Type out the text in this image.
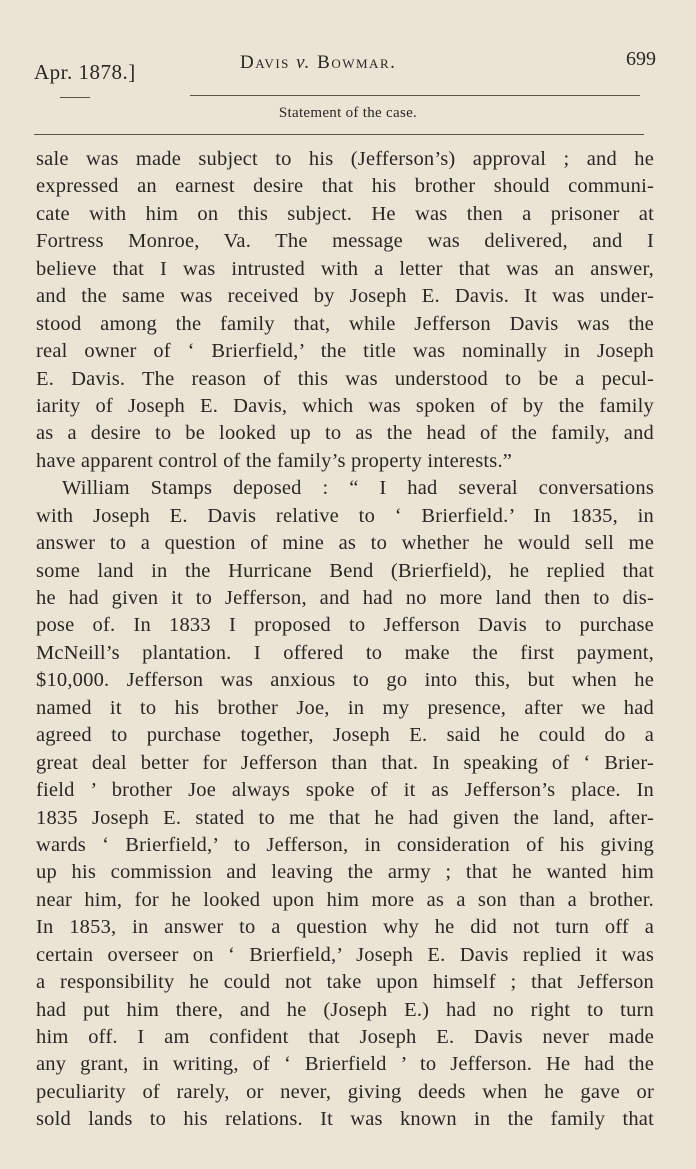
Apr. 1878.]	Davis v. Bowmar.	699
Statement of the case.
sale was made subject to his (Jefferson’s) approval ; and he
expressed an earnest desire that his brother should communi-
cate with him on this subject. He was then a prisoner at
Fortress Monroe, Va. The message was delivered, and I
believe that I was intrusted with a letter that was an answer,
and the same was received by Joseph E. Davis. It was under-
stood among the family that, while Jefferson Davis was the
real owner of ‘ Brierfield,’ the title was nominally in Joseph
E. Davis. The reason of this was understood to be a pecul-
iarity of Joseph E. Davis, which was spoken of by the family
as a desire to be looked up to as the head of the family, and
have apparent control of the family’s property interests.”
William Stamps deposed : “ I had several conversations
with Joseph E. Davis relative to ‘ Brierfield.’ In 1835, in
answer to a question of mine as to whether he would sell me
some land in the Hurricane Bend (Brierfield), he replied that
he had given it to Jefferson, and had no more land then to dis-
pose of. In 1833 I proposed to Jefferson Davis to purchase
McNeill’s plantation. I offered to make the first payment,
$10,000. Jefferson was anxious to go into this, but when he
named it to his brother Joe, in my presence, after we had
agreed to purchase together, Joseph E. said he could do a
great deal better for Jefferson than that. In speaking of ‘ Brier-
field ’ brother Joe always spoke of it as Jefferson’s place. In
1835 Joseph E. stated to me that he had given the land, after-
wards ‘ Brierfield,’ to Jefferson, in consideration of his giving
up his commission and leaving the army ; that he wanted him
near him, for he looked upon him more as a son than a brother.
In 1853, in answer to a question why he did not turn off a
certain overseer on ‘ Brierfield,’ Joseph E. Davis replied it was
a responsibility he could not take upon himself ; that Jefferson
had put him there, and he (Joseph E.) had no right to turn
him off. I am confident that Joseph E. Davis never made
any grant, in writing, of ‘ Brierfield ’ to Jefferson. He had the
peculiarity of rarely, or never, giving deeds when he gave or
sold lands to his relations. It was known in the family that
